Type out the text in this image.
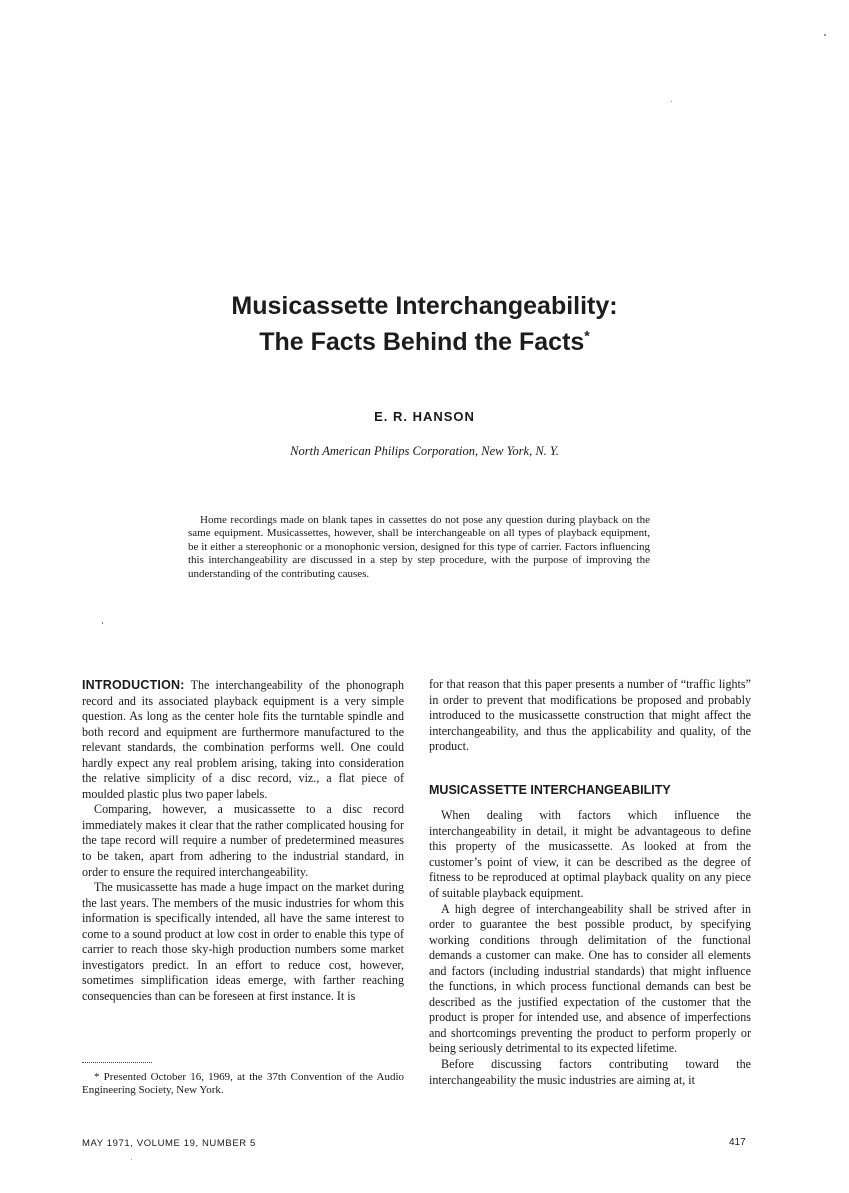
Musicassette Interchangeability:
The Facts Behind the Facts*
E. R. HANSON
North American Philips Corporation, New York, N. Y.

Home recordings made on blank tapes in cassettes do not pose any question during playback on the same equipment. Musicassettes, however, shall be interchangeable on all types of playback equipment, be it either a stereophonic or a monophonic version, designed for this type of carrier. Factors influencing this interchangeability are discussed in a step by step procedure, with the purpose of improving the understanding of the contributing causes.

INTRODUCTION: The interchangeability of the phonograph record and its associated playback equipment is a very simple question. As long as the center hole fits the turntable spindle and both record and equipment are furthermore manufactured to the relevant standards, the combination performs well. One could hardly expect any real problem arising, taking into consideration the relative simplicity of a disc record, viz., a flat piece of moulded plastic plus two paper labels.

Comparing, however, a musicassette to a disc record immediately makes it clear that the rather complicated housing for the tape record will require a number of predetermined measures to be taken, apart from adhering to the industrial standard, in order to ensure the required interchangeability.

The musicassette has made a huge impact on the market during the last years. The members of the music industries for whom this information is specifically intended, all have the same interest to come to a sound product at low cost in order to enable this type of carrier to reach those sky-high production numbers some market investigators predict. In an effort to reduce cost, however, sometimes simplification ideas emerge, with farther reaching consequencies than can be foreseen at first instance. It is

for that reason that this paper presents a number of “traffic lights” in order to prevent that modifications be proposed and probably introduced to the musicassette construction that might affect the interchangeability, and thus the applicability and quality, of the product.

MUSICASSETTE INTERCHANGEABILITY

When dealing with factors which influence the interchangeability in detail, it might be advantageous to define this property of the musicassette. As looked at from the customer’s point of view, it can be described as the degree of fitness to be reproduced at optimal playback quality on any piece of suitable playback equipment.

A high degree of interchangeability shall be strived after in order to guarantee the best possible product, by specifying working conditions through delimitation of the functional demands a customer can make. One has to consider all elements and factors (including industrial standards) that might influence the functions, in which process functional demands can best be described as the justified expectation of the customer that the product is proper for intended use, and absence of imperfections and shortcomings preventing the product to perform properly or being seriously detrimental to its expected lifetime.

Before discussing factors contributing toward the interchangeability the music industries are aiming at, it

* Presented October 16, 1969, at the 37th Convention of the Audio Engineering Society, New York.
MAY 1971, VOLUME 19, NUMBER 5	417
